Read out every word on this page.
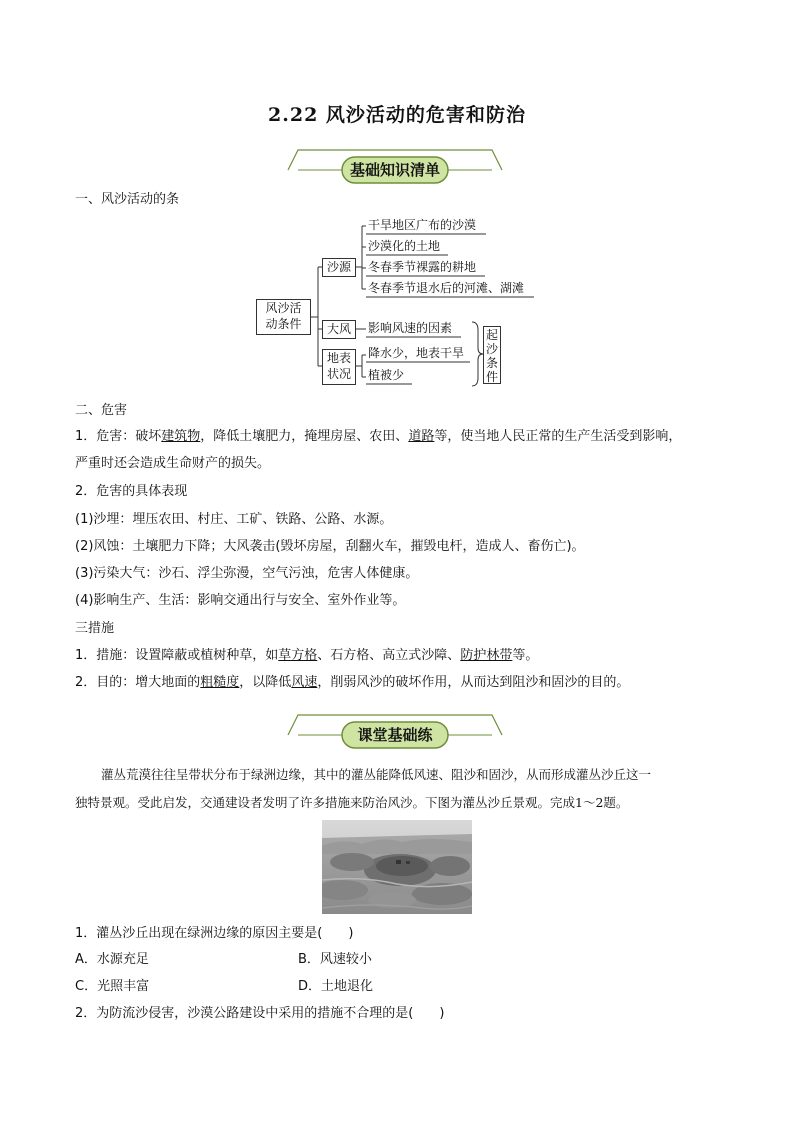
2.22 风沙活动的危害和防治
基础知识清单
一、风沙活动的条
风沙活
动条件
沙源
大风
地表
状况
干旱地区广布的沙漠
沙漠化的土地
冬春季节裸露的耕地
冬春季节退水后的河滩、湖滩
影响风速的因素
降水少，地表干旱
植被少
起
沙
条
件
二、危害
1．危害：破坏建筑物，降低土壤肥力，掩埋房屋、农田、道路等，使当地人民正常的生产生活受到影响，
严重时还会造成生命财产的损失。
2．危害的具体表现
(1)沙埋：埋压农田、村庄、工矿、铁路、公路、水源。
(2)风蚀：土壤肥力下降；大风袭击(毁坏房屋，刮翻火车，摧毁电杆，造成人、畜伤亡)。
(3)污染大气：沙石、浮尘弥漫，空气污浊，危害人体健康。
(4)影响生产、生活：影响交通出行与安全、室外作业等。
三措施
1．措施：设置障蔽或植树种草，如草方格、石方格、高立式沙障、防护林带等。
2．目的：增大地面的粗糙度，以降低风速，削弱风沙的破坏作用，从而达到阻沙和固沙的目的。
课堂基础练
灌丛荒漠往往呈带状分布于绿洲边缘，其中的灌丛能降低风速、阻沙和固沙，从而形成灌丛沙丘这一
独特景观。受此启发，交通建设者发明了许多措施来防治风沙。下图为灌丛沙丘景观。完成1～2题。
1．灌丛沙丘出现在绿洲边缘的原因主要是(　　)
A．水源充足	B．风速较小
C．光照丰富	D．土地退化
2．为防流沙侵害，沙漠公路建设中采用的措施不合理的是(　　)
